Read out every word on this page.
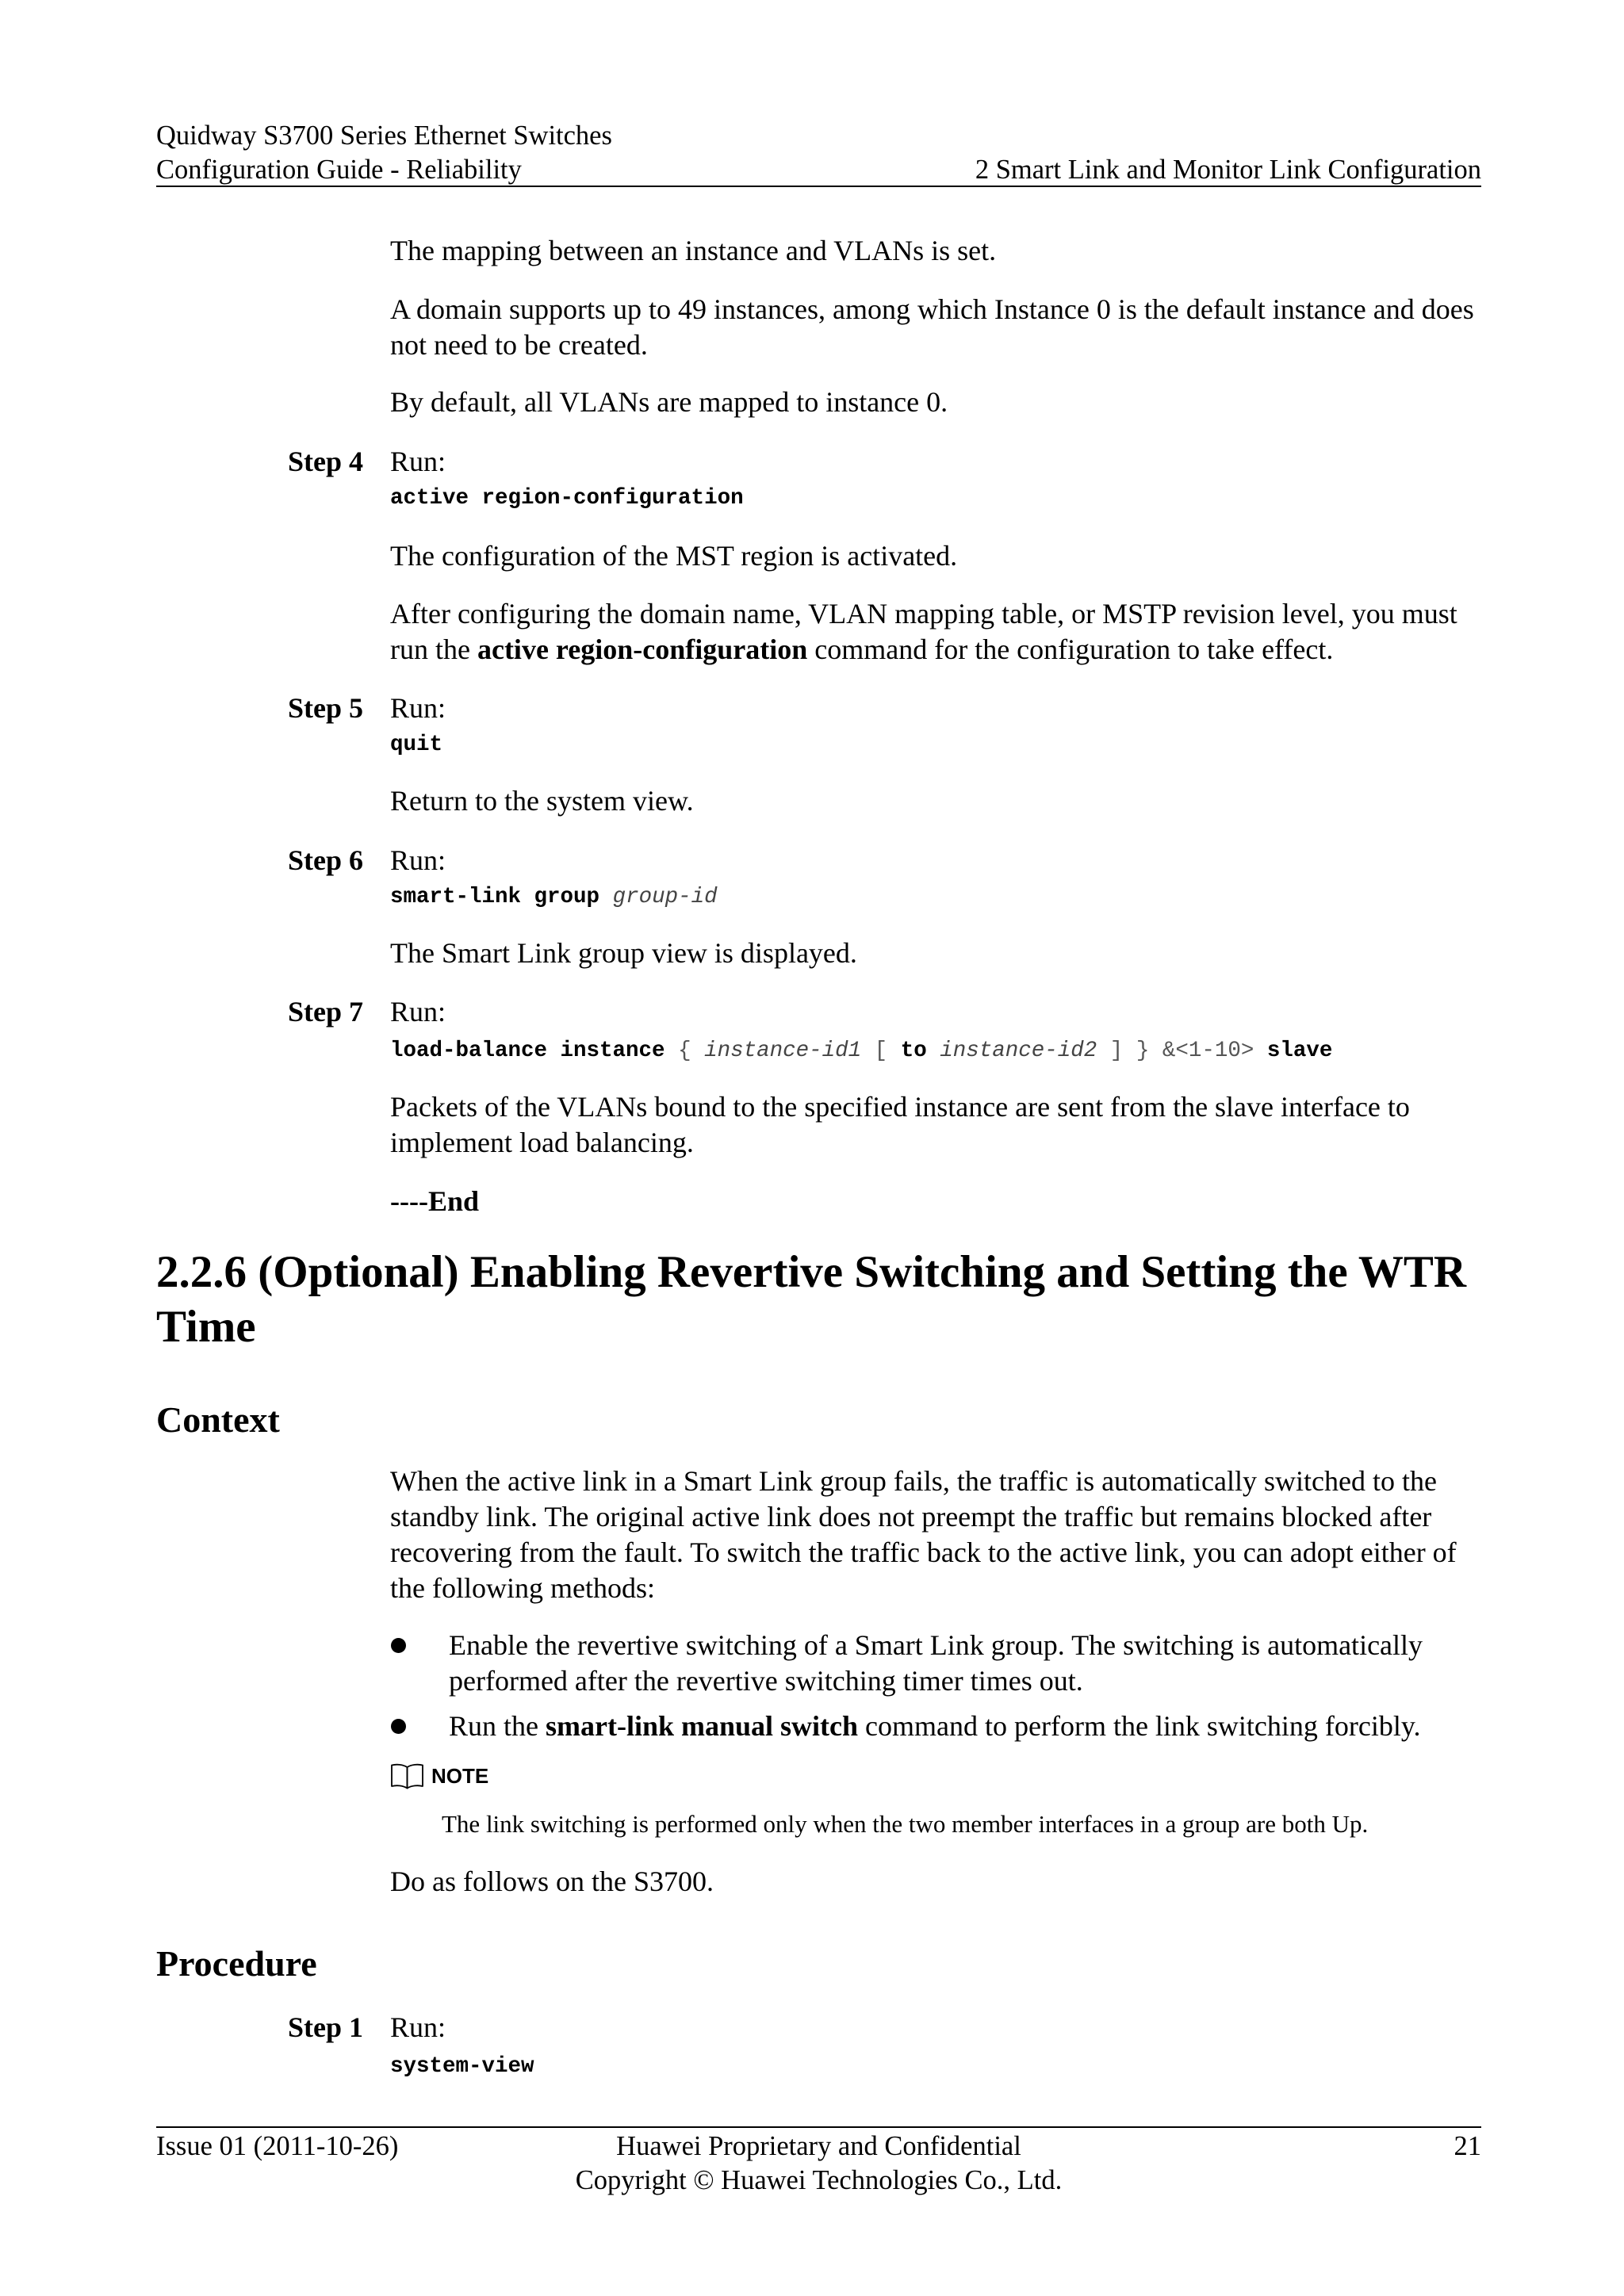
Quidway S3700 Series Ethernet Switches
Configuration Guide - Reliability	2 Smart Link and Monitor Link Configuration
The mapping between an instance and VLANs is set.
A domain supports up to 49 instances, among which Instance 0 is the default instance and does not need to be created.
By default, all VLANs are mapped to instance 0.
Step 4 Run:
active region-configuration
The configuration of the MST region is activated.
After configuring the domain name, VLAN mapping table, or MSTP revision level, you must run the active region-configuration command for the configuration to take effect.
Step 5 Run:
quit
Return to the system view.
Step 6 Run:
smart-link group group-id
The Smart Link group view is displayed.
Step 7 Run:
load-balance instance { instance-id1 [ to instance-id2 ] } &<1-10> slave
Packets of the VLANs bound to the specified instance are sent from the slave interface to implement load balancing.
----End
2.2.6 (Optional) Enabling Revertive Switching and Setting the WTR Time
Context
When the active link in a Smart Link group fails, the traffic is automatically switched to the standby link. The original active link does not preempt the traffic but remains blocked after recovering from the fault. To switch the traffic back to the active link, you can adopt either of the following methods:
Enable the revertive switching of a Smart Link group. The switching is automatically performed after the revertive switching timer times out.
Run the smart-link manual switch command to perform the link switching forcibly.
NOTE
The link switching is performed only when the two member interfaces in a group are both Up.
Do as follows on the S3700.
Procedure
Step 1 Run:
system-view
Issue 01 (2011-10-26)	Huawei Proprietary and Confidential
Copyright © Huawei Technologies Co., Ltd.
21
